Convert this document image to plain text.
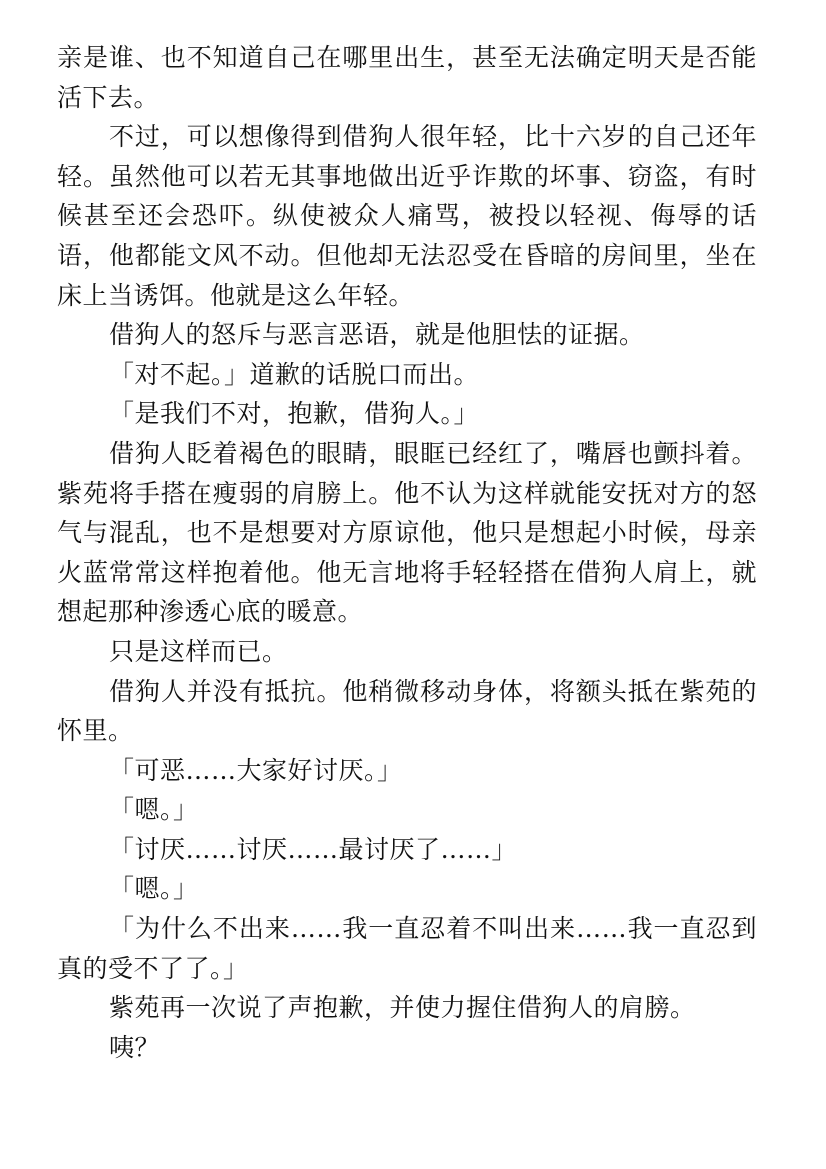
亲是谁、也不知道自己在哪里出生，甚至无法确定明天是否能活下去。

不过，可以想像得到借狗人很年轻，比十六岁的自己还年轻。虽然他可以若无其事地做出近乎诈欺的坏事、窃盗，有时候甚至还会恐吓。纵使被众人痛骂，被投以轻视、侮辱的话语，他都能文风不动。但他却无法忍受在昏暗的房间里，坐在床上当诱饵。他就是这么年轻。

借狗人的怒斥与恶言恶语，就是他胆怯的证据。

「对不起。」道歉的话脱口而出。

「是我们不对，抱歉，借狗人。」

借狗人眨着褐色的眼睛，眼眶已经红了，嘴唇也颤抖着。紫苑将手搭在瘦弱的肩膀上。他不认为这样就能安抚对方的怒气与混乱，也不是想要对方原谅他，他只是想起小时候，母亲火蓝常常这样抱着他。他无言地将手轻轻搭在借狗人肩上，就想起那种渗透心底的暖意。

只是这样而已。

借狗人并没有抵抗。他稍微移动身体，将额头抵在紫苑的怀里。

「可恶……大家好讨厌。」

「嗯。」

「讨厌……讨厌……最讨厌了……」

「嗯。」

「为什么不出来……我一直忍着不叫出来……我一直忍到真的受不了了。」

紫苑再一次说了声抱歉，并使力握住借狗人的肩膀。

咦？
